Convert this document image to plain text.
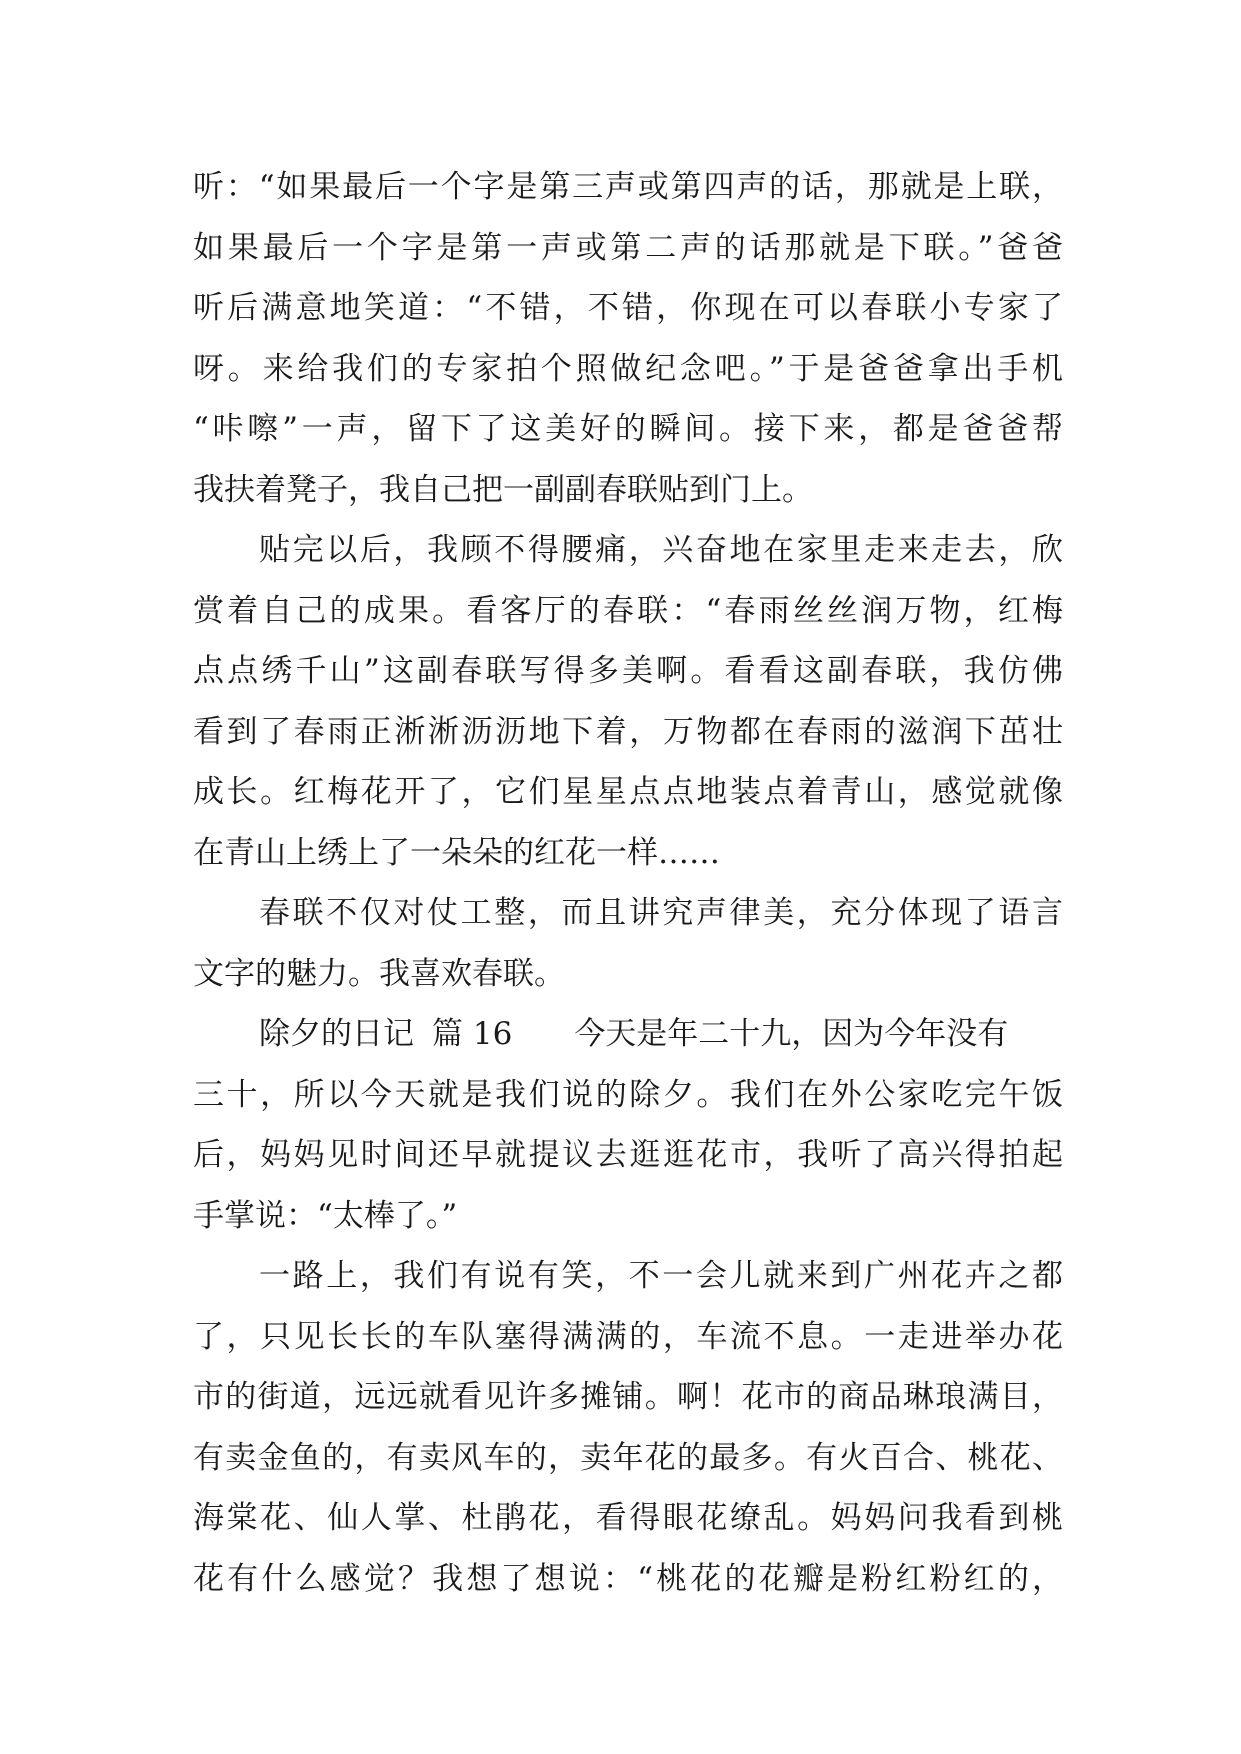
听：“如果最后一个字是第三声或第四声的话，那就是上联，
如果最后一个字是第一声或第二声的话那就是下联。”爸爸
听后满意地笑道：“不错，不错，你现在可以春联小专家了
呀。来给我们的专家拍个照做纪念吧。”于是爸爸拿出手机
“咔嚓”一声，留下了这美好的瞬间。接下来，都是爸爸帮
我扶着凳子，我自己把一副副春联贴到门上。
贴完以后，我顾不得腰痛，兴奋地在家里走来走去，欣
赏着自己的成果。看客厅的春联：“春雨丝丝润万物，红梅
点点绣千山”这副春联写得多美啊。看看这副春联，我仿佛
看到了春雨正淅淅沥沥地下着，万物都在春雨的滋润下茁壮
成长。红梅花开了，它们星星点点地装点着青山，感觉就像
在青山上绣上了一朵朵的红花一样……
春联不仅对仗工整，而且讲究声律美，充分体现了语言
文字的魅力。我喜欢春联。
除夕的日记 篇 16 今天是年二十九，因为今年没有
三十，所以今天就是我们说的除夕。我们在外公家吃完午饭
后，妈妈见时间还早就提议去逛逛花市，我听了高兴得拍起
手掌说：“太棒了。”
一路上，我们有说有笑，不一会儿就来到广州花卉之都
了，只见长长的车队塞得满满的，车流不息。一走进举办花
市的街道，远远就看见许多摊铺。啊！花市的商品琳琅满目，
有卖金鱼的，有卖风车的，卖年花的最多。有火百合、桃花、
海棠花、仙人掌、杜鹃花，看得眼花缭乱。妈妈问我看到桃
花有什么感觉？我想了想说：“桃花的花瓣是粉红粉红的，
